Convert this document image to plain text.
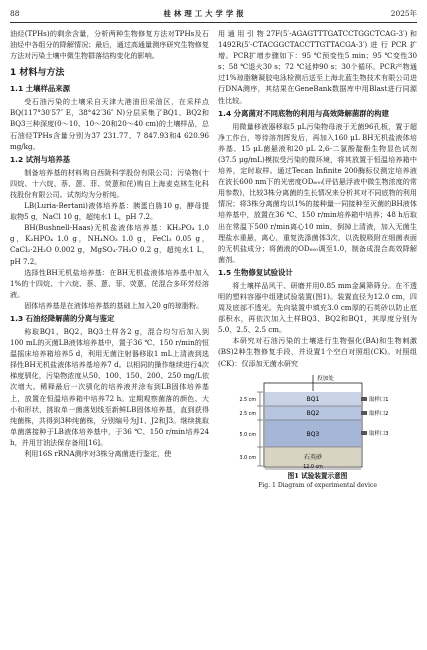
88	桂林理工大学学报	2025年

油烃(TPHs)的剩余含量，分析两种生物修复方法对TPHs及石油烃中各组分的降解情况；最后，通过高通量测序研究生物修复方法对污染土壤中微生物群落结构变化的影响。

1 材料与方法
1.1 土壤样品来源

受石油污染的土壤采自天津大港油田采油区，在采样点BQ(117°30′57″ E，38°42′36″ N)分层采集了BQ1、BQ2和BQ3三种深度(0～10、10～20和20～40 cm)的土壤样品，总石油烃TPHs含量分别为37 231.77、7 847.93和4 620.96 mg/kg。

1.2 试剂与培养基

制备培养基的材料购自西陇科学股份有限公司；污染物(十四烷、十六烷、萘、蒽、菲、荧蒽和芘)购自上海麦克林生化科技股份有限公司。试剂均为分析纯。

LB(Luria-Bertani)液体培养基：胰蛋白胨10 g，酵母提取物5 g，NaCl 10 g，超纯水1 L，pH 7.2。

BH(Bushnell-Haas)无机盐液体培养基：KH₂PO₄ 1.0 g，K₂HPO₄ 1.0 g，NH₄NO₃ 1.0 g，FeCl₃ 0.05 g，CaCl₂·2H₂O 0.002 g，MgSO₄·7H₂O 0.2 g，超纯水1 L，pH 7.2。

选择性BH无机盐培养基：在BH无机盐液体培养基中加入1%的十四烷、十六烷、萘、蒽、菲、荧蒽、芘混合多环芳烃溶液。

固体培养基是在液体培养基的基础上加入20 g的琼脂粉。

1.3 石油烃降解菌的分离与鉴定

称取BQ1、BQ2、BQ3土样各2 g，混合均匀后加入到100 mL的灭菌LB液体培养基中，置于36 ℃、150 r/min的恒温摇床培养箱培养5 d，利用无菌注射器移取1 mL上清液到选择性BH无机盐液体培养基培养7 d。以相同的操作继续进行4次梯度驯化，污染物浓度从50、100、150、200、250 mg/L依次增大。稀释最后一次驯化的培养液并涂布到LB固体培养基上，放置在恒温培养箱中培养72 h。定期观察菌落的颜色、大小和形状，挑取单一菌落划线至新鲜LB固体培养基，直到获得纯菌株，共得到3种纯菌株，分别编号为J1、J2和J3。继续挑取单菌落接种于LB液体培养基中，于36 ℃、150 r/min培养24 h，并用甘油法保存备用[16]。

利用16S rRNA测序对3株分离菌进行鉴定，使

用通用引物27F(5′-AGAGTTTGATCCTGGCTCAG-3′)和1492R(5′-CTACGGCTACCTTGTTACGA-3′)进行PCR扩增。PCR扩增步骤如下：95 ℃预变性5 min；95 ℃变性30 s；58 ℃退火30 s；72 ℃延伸90 s；30个循环。PCR产物通过1%琼脂糖凝胶电泳检测后送至上海北蓝生物技术有限公司进行DNA测序，其结果在GeneBank数据库中用Blast进行同源性比较。

1.4 分离菌对不同底物的利用与高效降解菌群的构建

用微量移液器移取5 μL污染物母液于无菌96孔板，置于超净工作台，等待溶剂挥发后，再加入160 μL BH无机盐液体培养基、15 μL菌悬液和20 μL 2,6-二氯酚靛酚生物显色试剂(37.5 μg/mL)模拟受污染的微环境，将其放置于恒温培养箱中培养，定时取样。通过Tecan Infinite 200酶标仪测定培养液在波长600 nm下的光密度OD₆₀₀(评估悬浮液中微生物浓度的常用参数)，比较3株分离菌的生长情况来分析其对不同底物的利用情况；将3株分离菌均以1%的接种量一同接种至灭菌的BH液体培养基中，放置在36 ℃、150 r/min培养箱中培养；48 h后取出在常温下500 r/min离心10 min，倒掉上清液，加入无菌生理盐水重悬，离心，重复洗涤菌体3次，以洗脱吸附在细菌表面的无机盐成分；将菌液的OD₆₀₀调至1.0，制备成混合高效降解菌剂。

1.5 生物修复试验设计

将土壤样品风干、研磨并用0.85 mm金属筛筛分。在不透明的塑料容器中组建试验装置(图1)。装置直径为12.0 cm，四周及底部不透光。先向装置中填充3.0 cm厚的石英砂以防止底部积水，再依次加入土样BQ3、BQ2和BQ1，其厚度分别为5.0、2.5、2.5 cm。

本研究对石油污染的土壤进行生物强化(BA)和生物刺激(BS)2种生物修复手段，并设置1个空白对照组(CK)。对照组(CK)：仅添加无菌水研究

投加处
BQ1
BQ2
BQ3
石英砂
取样口1
取样口2
取样口3
2.5 cm
2.5 cm
5.0 cm
3.0 cm
12.0 cm
图1 试验装置示意图
Fig. 1 Diagram of experimental device
